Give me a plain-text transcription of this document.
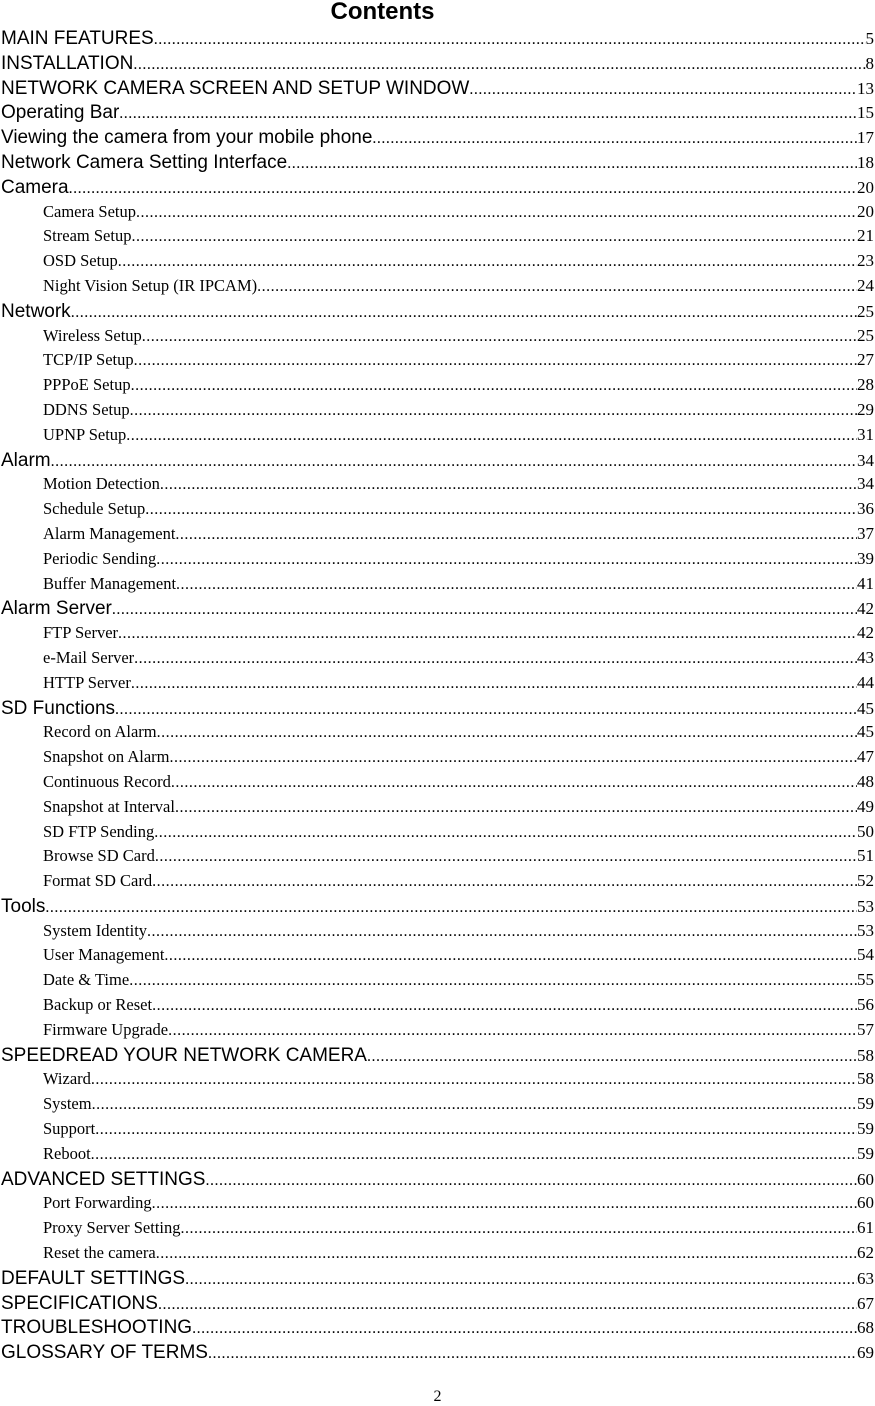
Contents
MAIN FEATURES .....	5
INSTALLATION .....	8
NETWORK CAMERA SCREEN AND SETUP WINDOW .....	13
Operating Bar .....	15
Viewing the camera from your mobile phone .....	17
Network Camera Setting Interface .....	18
Camera .....	20
Camera Setup .....	20
Stream Setup .....	21
OSD Setup .....	23
Night Vision Setup (IR IPCAM) .....	24
Network .....	25
Wireless Setup .....	25
TCP/IP Setup .....	27
PPPoE Setup .....	28
DDNS Setup .....	29
UPNP Setup .....	31
Alarm .....	34
Motion Detection .....	34
Schedule Setup .....	36
Alarm Management .....	37
Periodic Sending .....	39
Buffer Management .....	41
Alarm Server .....	42
FTP Server .....	42
e-Mail Server .....	43
HTTP Server .....	44
SD Functions .....	45
Record on Alarm .....	45
Snapshot on Alarm .....	47
Continuous Record .....	48
Snapshot at Interval .....	49
SD FTP Sending .....	50
Browse SD Card .....	51
Format SD Card .....	52
Tools .....	53
System Identity .....	53
User Management .....	54
Date & Time .....	55
Backup or Reset .....	56
Firmware Upgrade .....	57
SPEEDREAD YOUR NETWORK CAMERA .....	58
Wizard .....	58
System .....	59
Support .....	59
Reboot .....	59
ADVANCED SETTINGS .....	60
Port Forwarding .....	60
Proxy Server Setting .....	61
Reset the camera .....	62
DEFAULT SETTINGS .....	63
SPECIFICATIONS .....	67
TROUBLESHOOTING .....	68
GLOSSARY OF TERMS .....	69
2
